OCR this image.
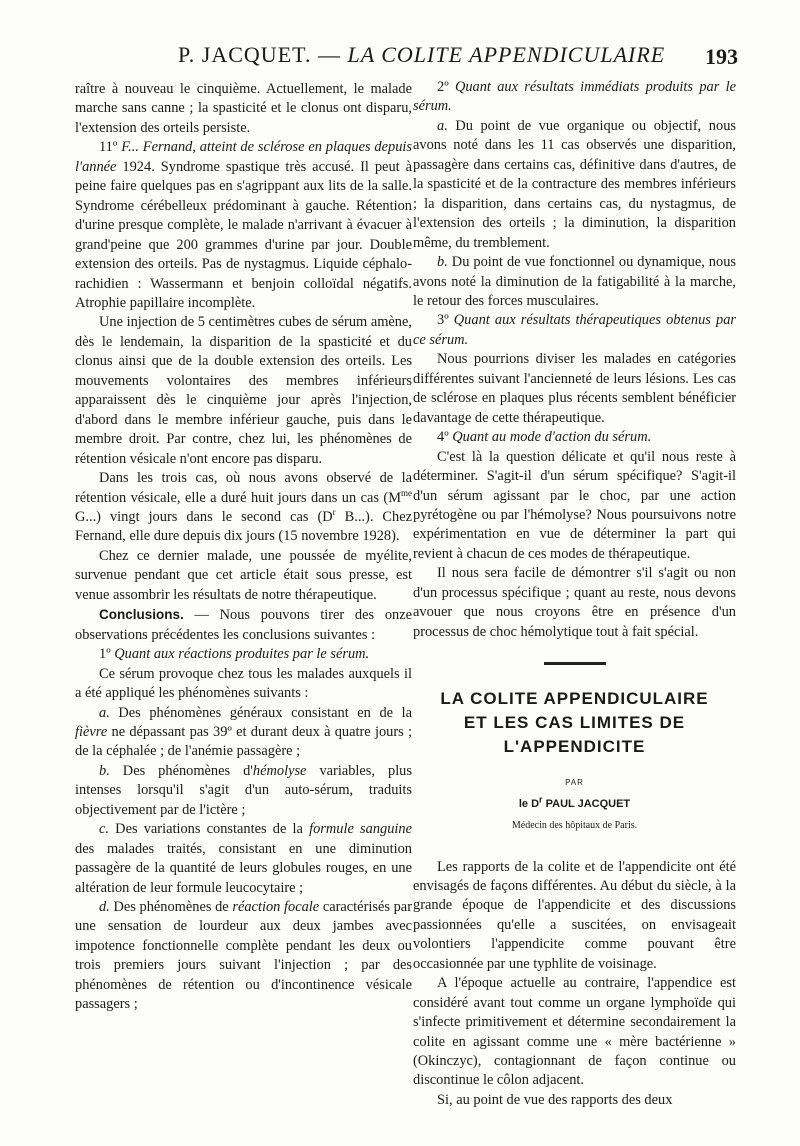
P. JACQUET. — LA COLITE APPENDICULAIRE 193

raître à nouveau le cinquième. Actuellement, le malade marche sans canne ; la spasticité et le clonus ont disparu, l'extension des orteils persiste.

11º F... Fernand, atteint de sclérose en plaques depuis l'année 1924. Syndrome spastique très accusé. Il peut à peine faire quelques pas en s'agrippant aux lits de la salle. Syndrome cérébelleux prédominant à gauche. Rétention d'urine presque complète, le malade n'arrivant à évacuer à grand'peine que 200 grammes d'urine par jour. Double extension des orteils. Pas de nystagmus. Liquide céphalo-rachidien : Wassermann et benjoin colloïdal négatifs. Atrophie papillaire incomplète.

Une injection de 5 centimètres cubes de sérum amène, dès le lendemain, la disparition de la spasticité et du clonus ainsi que de la double extension des orteils. Les mouvements volontaires des membres inférieurs apparaissent dès le cinquième jour après l'injection, d'abord dans le membre inférieur gauche, puis dans le membre droit. Par contre, chez lui, les phénomènes de rétention vésicale n'ont encore pas disparu.

Dans les trois cas, où nous avons observé de la rétention vésicale, elle a duré huit jours dans un cas ($M^{me}$ G...) vingt jours dans le second cas ($D^r$ B...). Chez Fernand, elle dure depuis dix jours (15 novembre 1928).

Chez ce dernier malade, une poussée de myélite, survenue pendant que cet article était sous presse, est venue assombrir les résultats de notre thérapeutique.

Conclusions. — Nous pouvons tirer des onze observations précédentes les conclusions suivantes :

1º Quant aux réactions produites par le sérum.

Ce sérum provoque chez tous les malades auxquels il a été appliqué les phénomènes suivants :

a. Des phénomènes généraux consistant en de la fièvre ne dépassant pas 39º et durant deux à quatre jours ; de la céphalée ; de l'anémie passagère ;

b. Des phénomènes d'hémolyse variables, plus intenses lorsqu'il s'agit d'un auto-sérum, traduits objectivement par de l'ictère ;

c. Des variations constantes de la formule sanguine des malades traités, consistant en une diminution passagère de la quantité de leurs globules rouges, en une altération de leur formule leucocytaire ;

d. Des phénomènes de réaction focale caractérisés par une sensation de lourdeur aux deux jambes avec impotence fonctionnelle complète pendant les deux ou trois premiers jours suivant l'injection ; par des phénomènes de rétention ou d'incontinence vésicale passagers ;

2º Quant aux résultats immédiats produits par le sérum.

a. Du point de vue organique ou objectif, nous avons noté dans les 11 cas observés une disparition, passagère dans certains cas, définitive dans d'autres, de la spasticité et de la contracture des membres inférieurs ; la disparition, dans certains cas, du nystagmus, de l'extension des orteils ; la diminution, la disparition même, du tremblement.

b. Du point de vue fonctionnel ou dynamique, nous avons noté la diminution de la fatigabilité à la marche, le retour des forces musculaires.

3º Quant aux résultats thérapeutiques obtenus par ce sérum.

Nous pourrions diviser les malades en catégories différentes suivant l'ancienneté de leurs lésions. Les cas de sclérose en plaques plus récents semblent bénéficier davantage de cette thérapeutique.

4º Quant au mode d'action du sérum.

C'est là la question délicate et qu'il nous reste à déterminer. S'agit-il d'un sérum spécifique? S'agit-il d'un sérum agissant par le choc, par une action pyrétogène ou par l'hémolyse? Nous poursuivons notre expérimentation en vue de déterminer la part qui revient à chacun de ces modes de thérapeutique.

Il nous sera facile de démontrer s'il s'agit ou non d'un processus spécifique ; quant au reste, nous devons avouer que nous croyons être en présence d'un processus de choc hémolytique tout à fait spécial.

LA COLITE APPENDICULAIRE
ET LES CAS LIMITES DE
L'APPENDICITE
PAR
le $D^r$ PAUL JACQUET
Médecin des hôpitaux de Paris.

Les rapports de la colite et de l'appendicite ont été envisagés de façons différentes. Au début du siècle, à la grande époque de l'appendicite et des discussions passionnées qu'elle a suscitées, on envisageait volontiers l'appendicite comme pouvant être occasionnée par une typhlite de voisinage.

A l'époque actuelle au contraire, l'appendice est considéré avant tout comme un organe lymphoïde qui s'infecte primitivement et détermine secondairement la colite en agissant comme une « mère bactérienne » (Okinczyc), contagionnant de façon continue ou discontinue le côlon adjacent.

Si, au point de vue des rapports des deux
